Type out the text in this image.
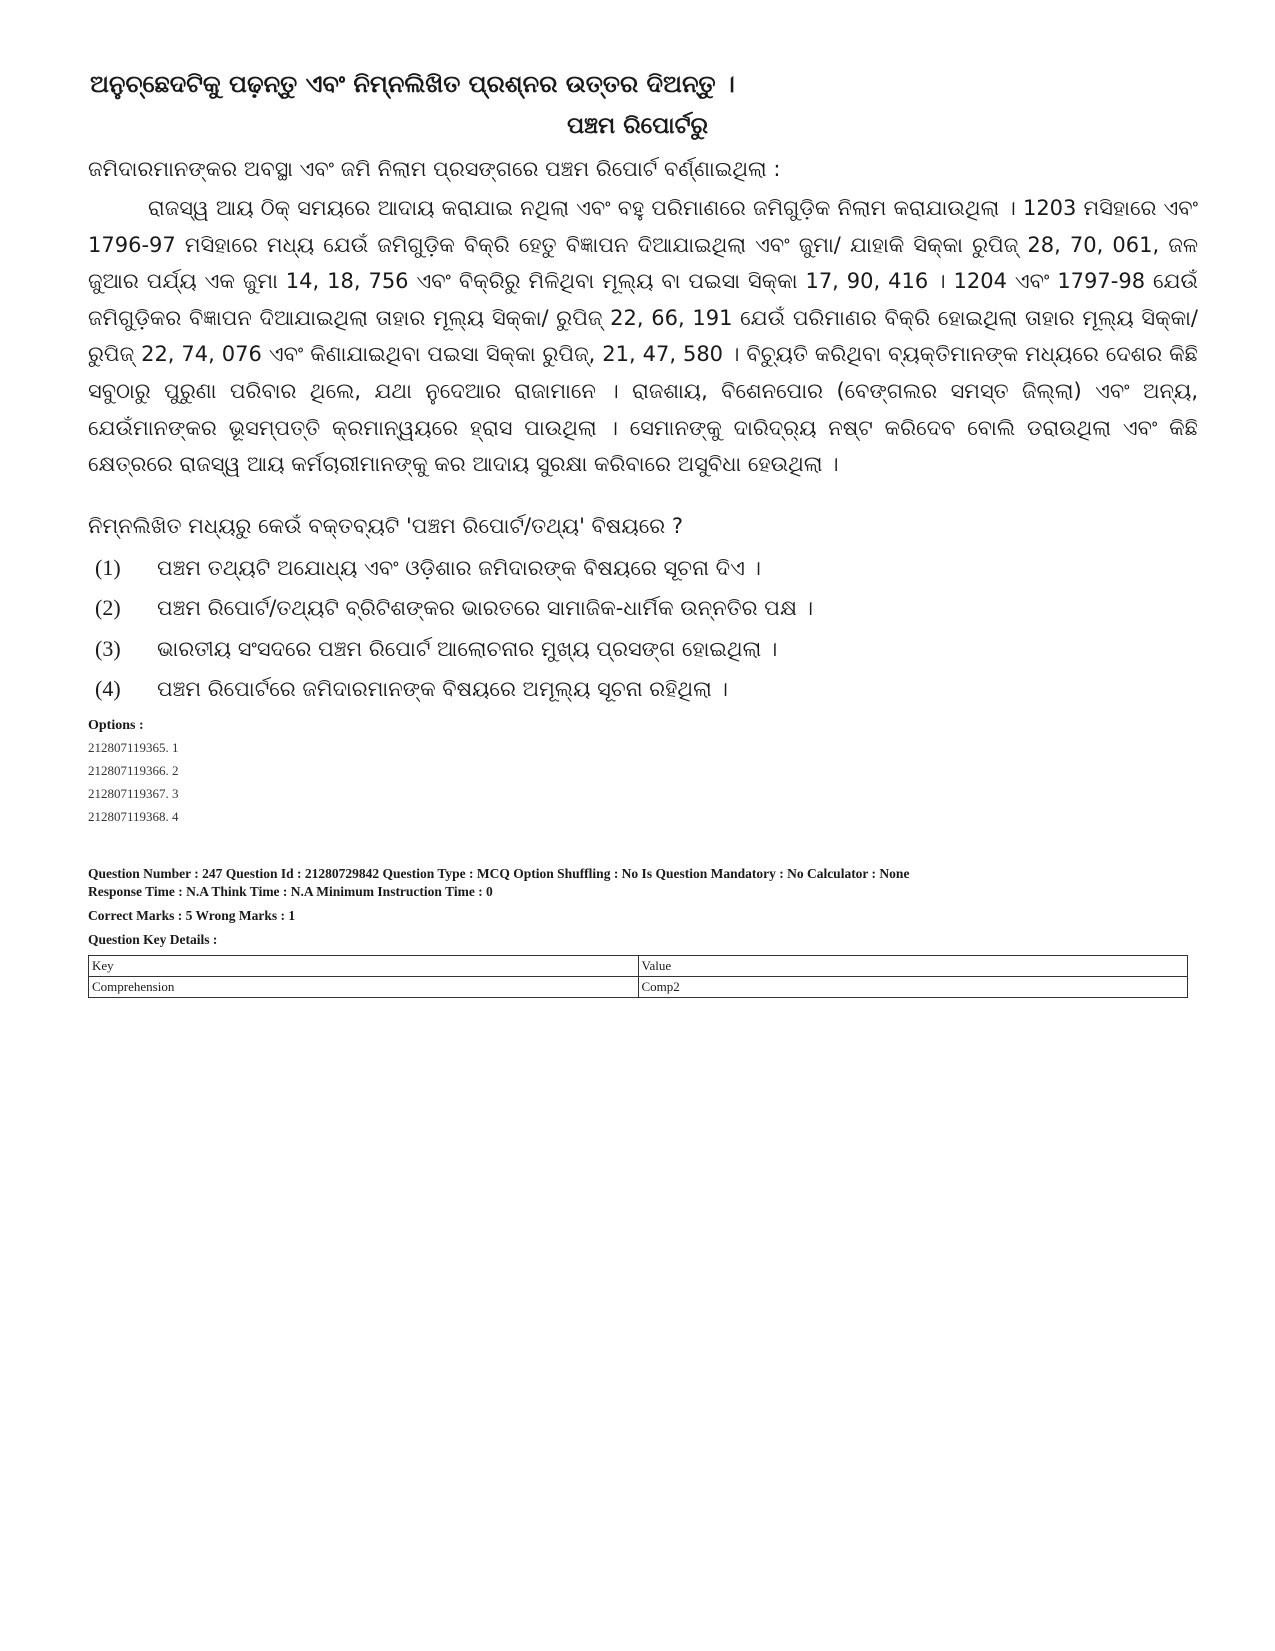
ଅନୁଚ୍ଛେଦଟିକୁ ପଢ଼ନ୍ତୁ ଏବଂ ନିମ୍ନଲିଖିତ ପ୍ରଶ୍ନର ଉତ୍ତର ଦିଅନ୍ତୁ ।
ପଞ୍ଚମ ରିପୋର୍ଟରୁ
ଜମିଦାରମାନଙ୍କର ଅବସ୍ଥା ଏବଂ ଜମି ନିଲାମ ପ୍ରସଙ୍ଗରେ ପଞ୍ଚମ ରିପୋର୍ଟ ବର୍ଣ୍ଣାଇଥିଲା :
ରାଜସ୍ୱ ଆୟ ଠିକ୍ ସମୟରେ ଆଦାୟ କରାଯାଇ ନଥିଲା ଏବଂ ବହୁ ପରିମାଣରେ ଜମିଗୁଡ଼ିକ ନିଲାମ କରାଯାଉଥିଲା । 1203 ମସିହାରେ ଏବଂ 1796-97 ମସିହାରେ ମଧ୍ୟ ଯେଉଁ ଜମିଗୁଡ଼ିକ ବିକ୍ରି ହେତୁ ବିଜ୍ଞାପନ ଦିଆଯାଇଥିଲା ଏବଂ ଜୁମା/ ଯାହାକି ସିକ୍କା ରୁପିଜ୍ 28, 70, 061, ଜଳ ଜୁଆର ପର୍ଯ୍ୟ ଏକ ଜୁମା 14, 18, 756 ଏବଂ ବିକ୍ରିରୁ ମିଳିଥିବା ମୂଲ୍ୟ ବା ପଇସା ସିକ୍କା 17, 90, 416 । 1204 ଏବଂ 1797-98 ଯେଉଁ ଜମିଗୁଡ଼ିକର ବିଜ୍ଞାପନ ଦିଆଯାଇଥିଲା ତାହାର ମୂଲ୍ୟ ସିକ୍କା/ ରୁପିଜ୍ 22, 66, 191 ଯେଉଁ ପରିମାଣର ବିକ୍ରି ହୋଇଥିଲା ତାହାର ମୂଲ୍ୟ ସିକ୍କା/ ରୁପିଜ୍ 22, 74, 076 ଏବଂ କିଣାଯାଇଥିବା ପଇସା ସିକ୍କା ରୁପିଜ୍, 21, 47, 580 । ବିଚ୍ୟୁତି କରିଥିବା ବ୍ୟକ୍ତିମାନଙ୍କ ମଧ୍ୟରେ ଦେଶର କିଛି ସବୁଠାରୁ ପୁରୁଣା ପରିବାର ଥିଲେ, ଯଥା ନୁଦେଆର ରାଜାମାନେ । ରାଜଶାୟ, ବିଶେନପୋର (ବେଙ୍ଗଲର ସମସ୍ତ ଜିଲ୍ଲା) ଏବଂ ଅନ୍ୟ, ଯେଉଁମାନଙ୍କର ଭୂସମ୍ପତ୍ତି କ୍ରମାନ୍ୱୟରେ ହ୍ରାସ ପାଉଥିଲା । ସେମାନଙ୍କୁ ଦାରିଦ୍ର୍ୟ ନଷ୍ଟ କରିଦେବ ବୋଲି ଡରାଉଥିଲା ଏବଂ କିଛି କ୍ଷେତ୍ରରେ ରାଜସ୍ୱ ଆୟ କର୍ମଚାରୀମାନଙ୍କୁ କର ଆଦାୟ ସୁରକ୍ଷା କରିବାରେ ଅସୁବିଧା ହେଉଥିଲା ।
ନିମ୍ନଲିଖିତ ମଧ୍ୟରୁ କେଉଁ ବକ୍ତବ୍ୟଟି 'ପଞ୍ଚମ ରିପୋର୍ଟ/ତଥ୍ୟ' ବିଷୟରେ ?
(1) ପଞ୍ଚମ ତଥ୍ୟଟି ଅଯୋଧ୍ୟ ଏବଂ ଓଡ଼ିଶାର ଜମିଦାରଙ୍କ ବିଷୟରେ ସୂଚନା ଦିଏ ।
(2) ପଞ୍ଚମ ରିପୋର୍ଟ/ତଥ୍ୟଟି ବ୍ରିଟିଶଙ୍କର ଭାରତରେ ସାମାଜିକ-ଧାର୍ମିକ ଉନ୍ନତିର ପକ୍ଷ ।
(3) ଭାରତୀୟ ସଂସଦରେ ପଞ୍ଚମ ରିପୋର୍ଟ ଆଲୋଚନାର ମୁଖ୍ୟ ପ୍ରସଙ୍ଗ ହୋଇଥିଲା ।
(4) ପଞ୍ଚମ ରିପୋର୍ଟରେ ଜମିଦାରମାନଙ୍କ ବିଷୟରେ ଅମୂଲ୍ୟ ସୂଚନା ରହିଥିଲା ।
Options :
212807119365. 1
212807119366. 2
212807119367. 3
212807119368. 4
Question Number : 247 Question Id : 21280729842 Question Type : MCQ Option Shuffling : No Is Question Mandatory : No Calculator : None
Response Time : N.A Think Time : N.A Minimum Instruction Time : 0
Correct Marks : 5 Wrong Marks : 1
Question Key Details :
Key	Value
Comprehension	Comp2
